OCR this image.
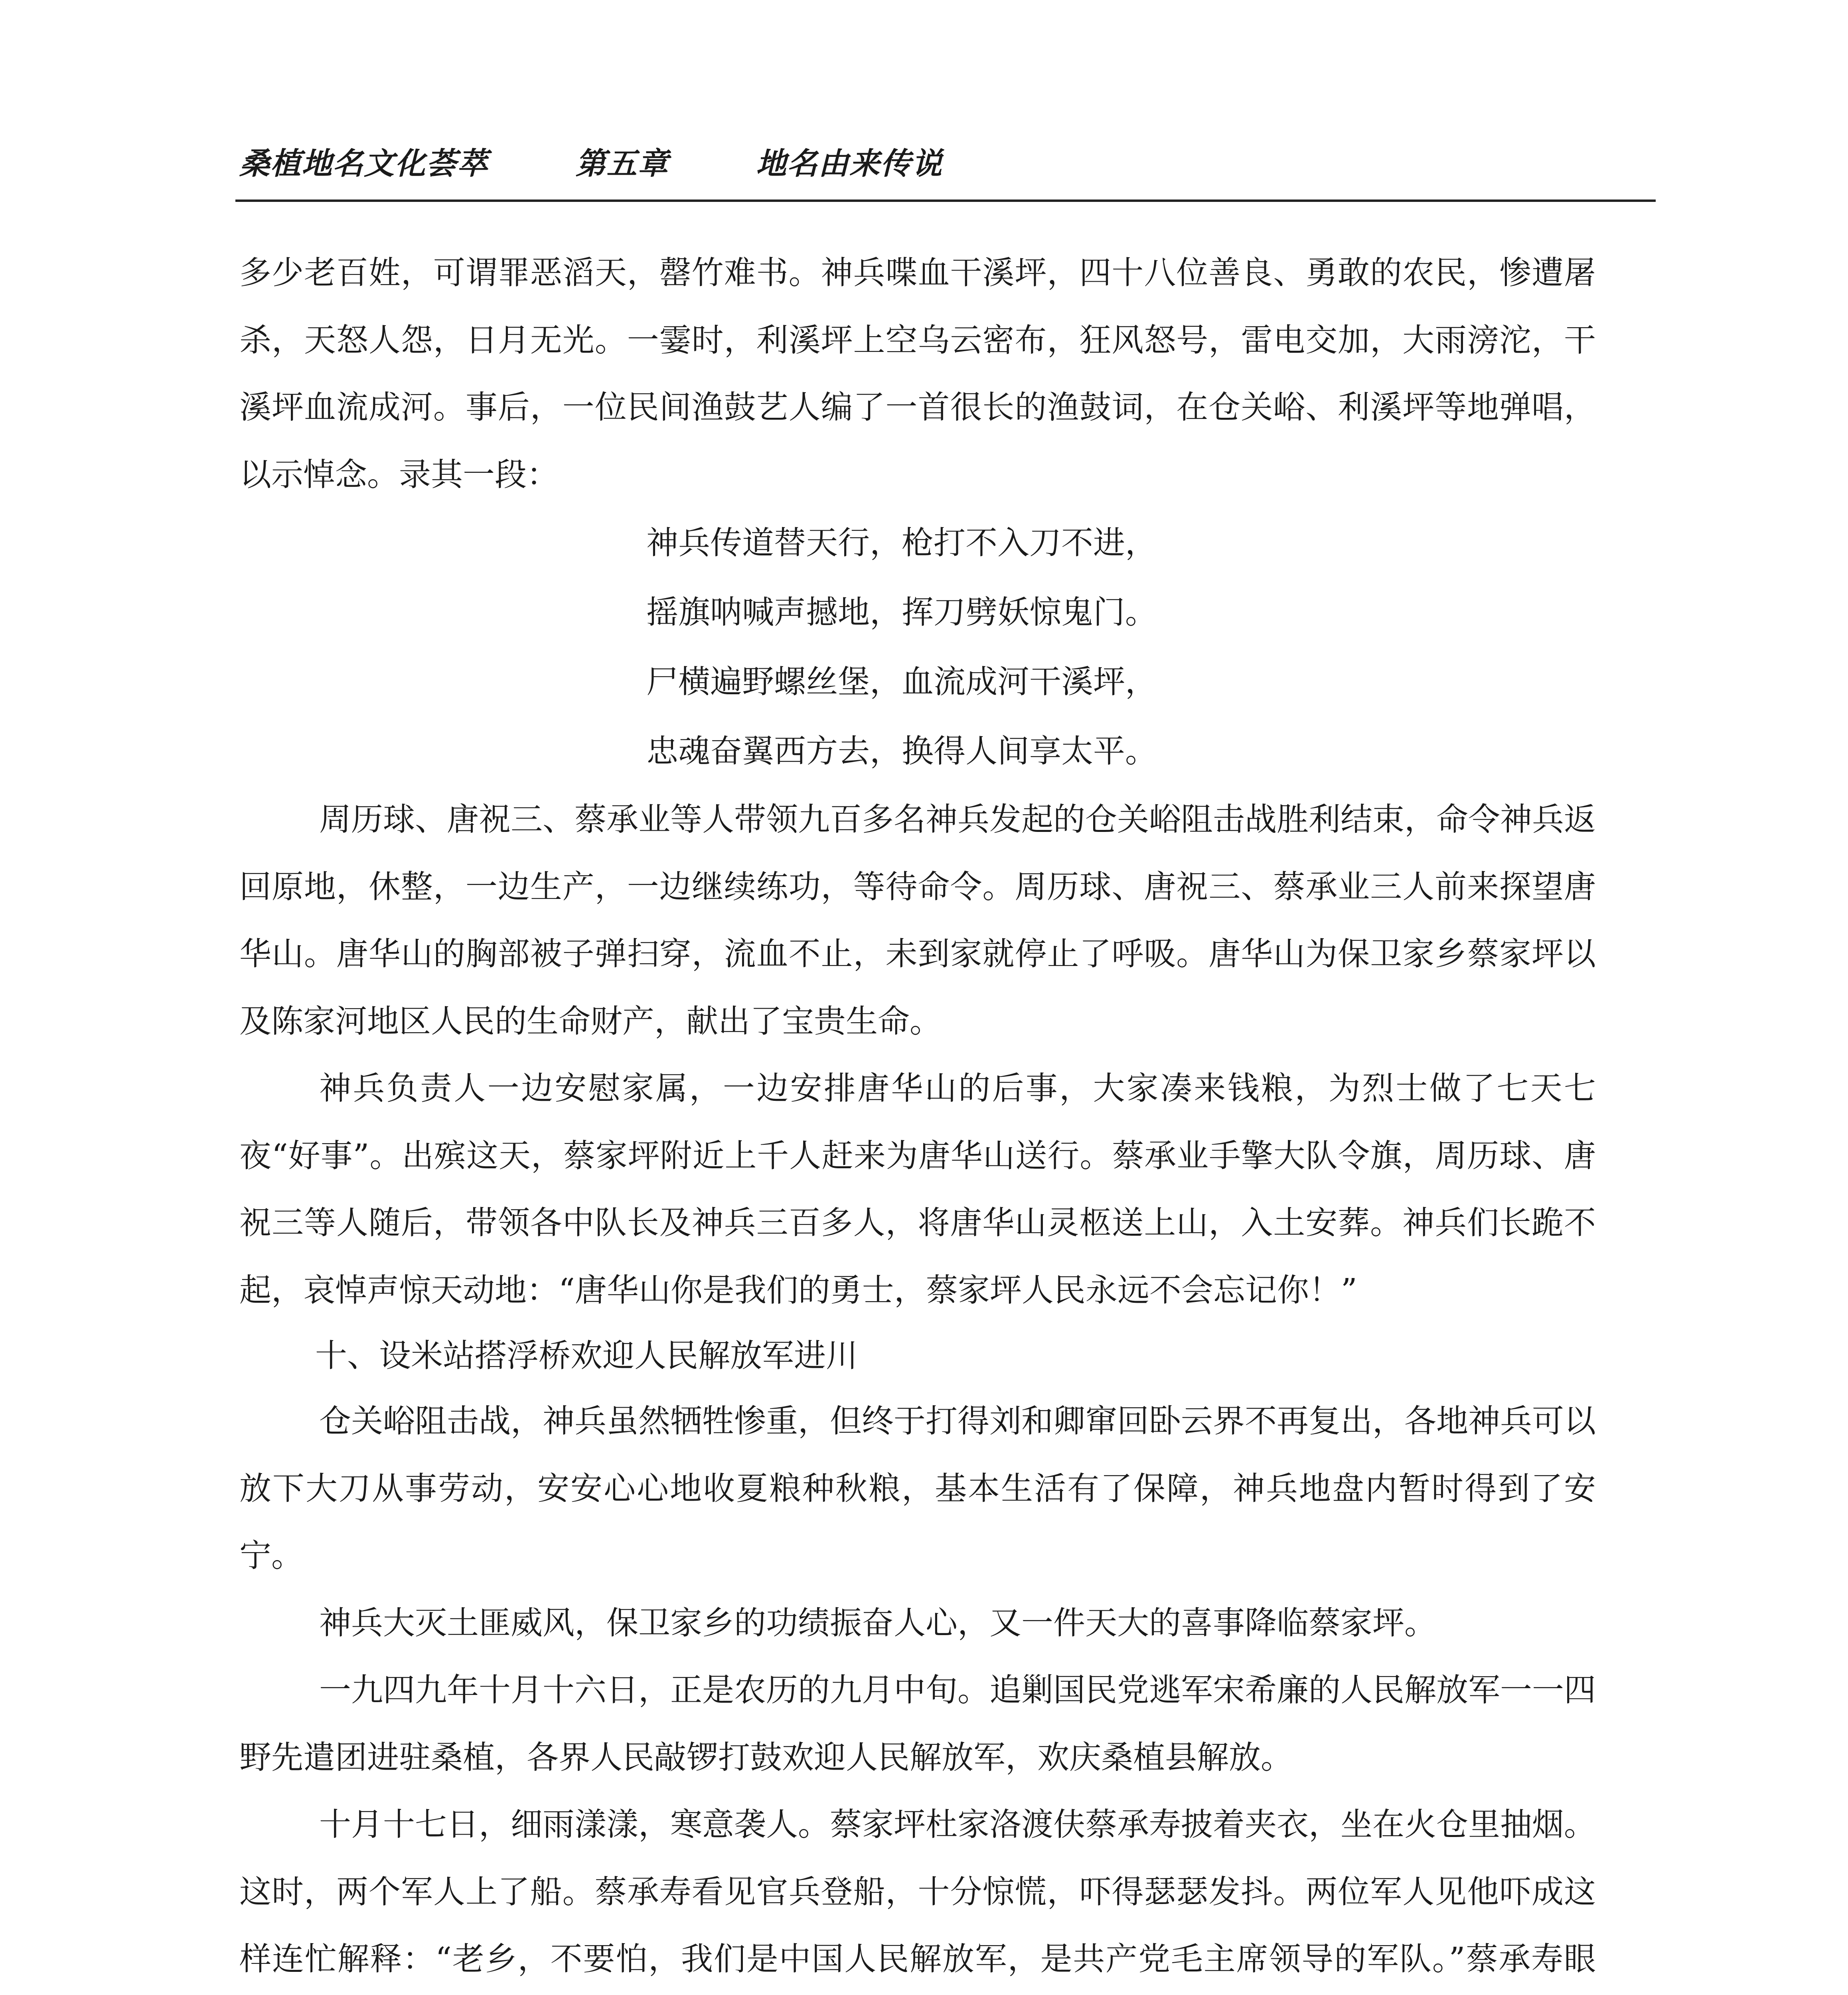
桑植地名文化荟萃	第五章	地名由来传说

多少老百姓，可谓罪恶滔天，罄竹难书。神兵喋血干溪坪，四十八位善良、勇敢的农民，惨遭屠杀，天怒人怨，日月无光。一霎时，利溪坪上空乌云密布，狂风怒号，雷电交加，大雨滂沱，干溪坪血流成河。事后，一位民间渔鼓艺人编了一首很长的渔鼓词，在仓关峪、利溪坪等地弹唱，以示悼念。录其一段：

神兵传道替天行，枪打不入刀不进，
摇旗呐喊声撼地，挥刀劈妖惊鬼门。
尸横遍野螺丝堡，血流成河干溪坪，
忠魂奋翼西方去，换得人间享太平。

周历球、唐祝三、蔡承业等人带领九百多名神兵发起的仓关峪阻击战胜利结束，命令神兵返回原地，休整，一边生产，一边继续练功，等待命令。周历球、唐祝三、蔡承业三人前来探望唐华山。唐华山的胸部被子弹扫穿，流血不止，未到家就停止了呼吸。唐华山为保卫家乡蔡家坪以及陈家河地区人民的生命财产，献出了宝贵生命。

神兵负责人一边安慰家属，一边安排唐华山的后事，大家凑来钱粮，为烈士做了七天七夜“好事”。出殡这天，蔡家坪附近上千人赶来为唐华山送行。蔡承业手擎大队令旗，周历球、唐祝三等人随后，带领各中队长及神兵三百多人，将唐华山灵柩送上山，入土安葬。神兵们长跪不起，哀悼声惊天动地：“唐华山你是我们的勇士，蔡家坪人民永远不会忘记你！”

十、设米站搭浮桥欢迎人民解放军进川

仓关峪阻击战，神兵虽然牺牲惨重，但终于打得刘和卿窜回卧云界不再复出，各地神兵可以放下大刀从事劳动，安安心心地收夏粮种秋粮，基本生活有了保障，神兵地盘内暂时得到了安宁。

神兵大灭土匪威风，保卫家乡的功绩振奋人心，又一件天大的喜事降临蔡家坪。

一九四九年十月十六日，正是农历的九月中旬。追剿国民党逃军宋希廉的人民解放军一一四野先遣团进驻桑植，各界人民敲锣打鼓欢迎人民解放军，欢庆桑植县解放。

十月十七日，细雨漾漾，寒意袭人。蔡家坪杜家洛渡伕蔡承寿披着夹衣，坐在火仓里抽烟。这时，两个军人上了船。蔡承寿看见官兵登船，十分惊慌，吓得瑟瑟发抖。两位军人见他吓成这样连忙解释：“老乡，不要怕，我们是中国人民解放军，是共产党毛主席领导的军队。”蔡承寿眼
